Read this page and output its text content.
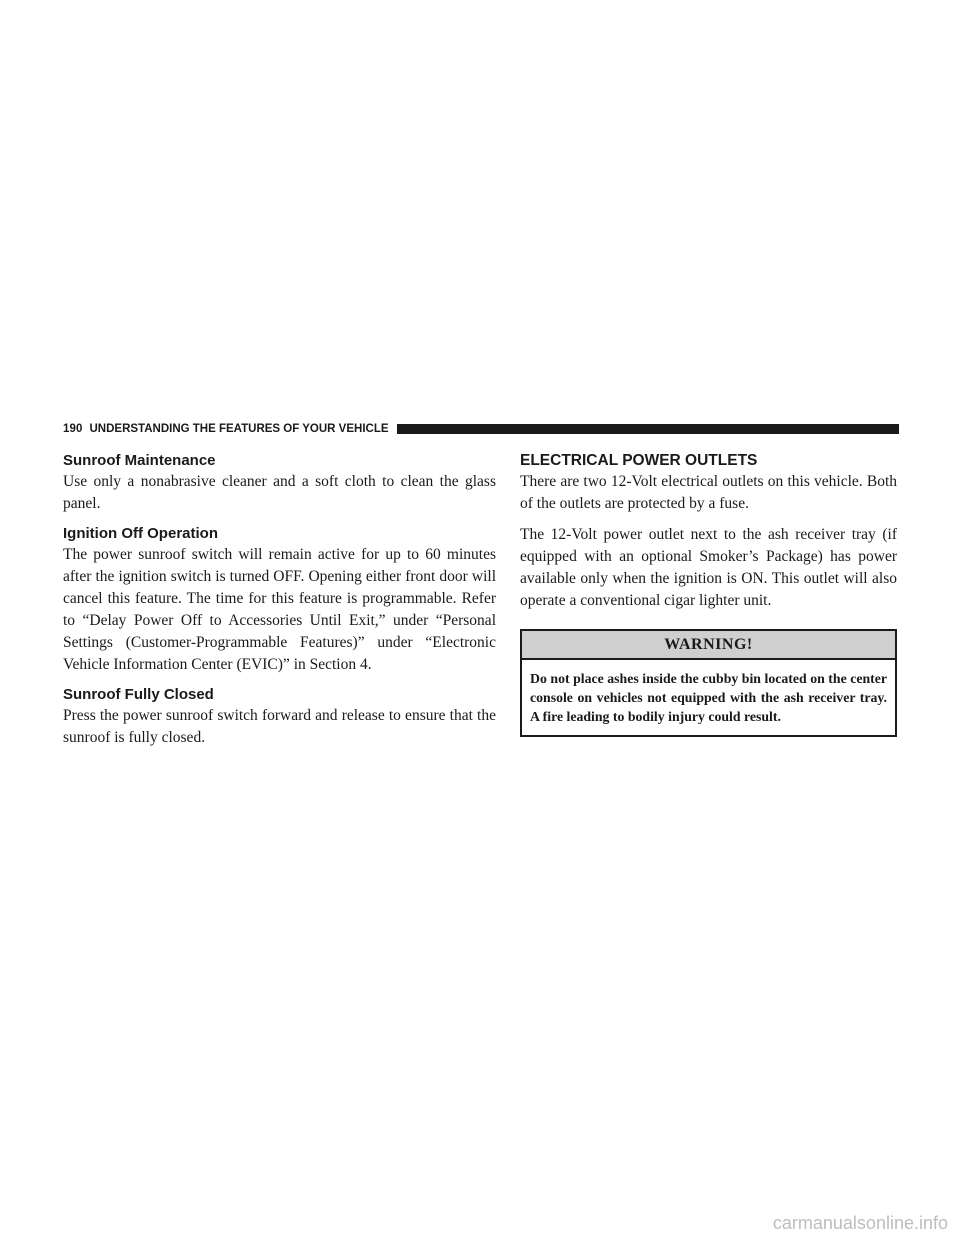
190 UNDERSTANDING THE FEATURES OF YOUR VEHICLE
Sunroof Maintenance

Use only a nonabrasive cleaner and a soft cloth to clean the glass panel.

Ignition Off Operation

The power sunroof switch will remain active for up to 60 minutes after the ignition switch is turned OFF. Opening either front door will cancel this feature. The time for this feature is programmable. Refer to “Delay Power Off to Accessories Until Exit,” under “Personal Settings (Customer-Programmable Features)” under “Electronic Vehicle Information Center (EVIC)” in Section 4.

Sunroof Fully Closed

Press the power sunroof switch forward and release to ensure that the sunroof is fully closed.

ELECTRICAL POWER OUTLETS

There are two 12-Volt electrical outlets on this vehicle. Both of the outlets are protected by a fuse.

The 12-Volt power outlet next to the ash receiver tray (if equipped with an optional Smoker’s Package) has power available only when the ignition is ON. This outlet will also operate a conventional cigar lighter unit.

WARNING!
Do not place ashes inside the cubby bin located on the center console on vehicles not equipped with the ash receiver tray. A fire leading to bodily injury could result.
carmanualsonline.info
